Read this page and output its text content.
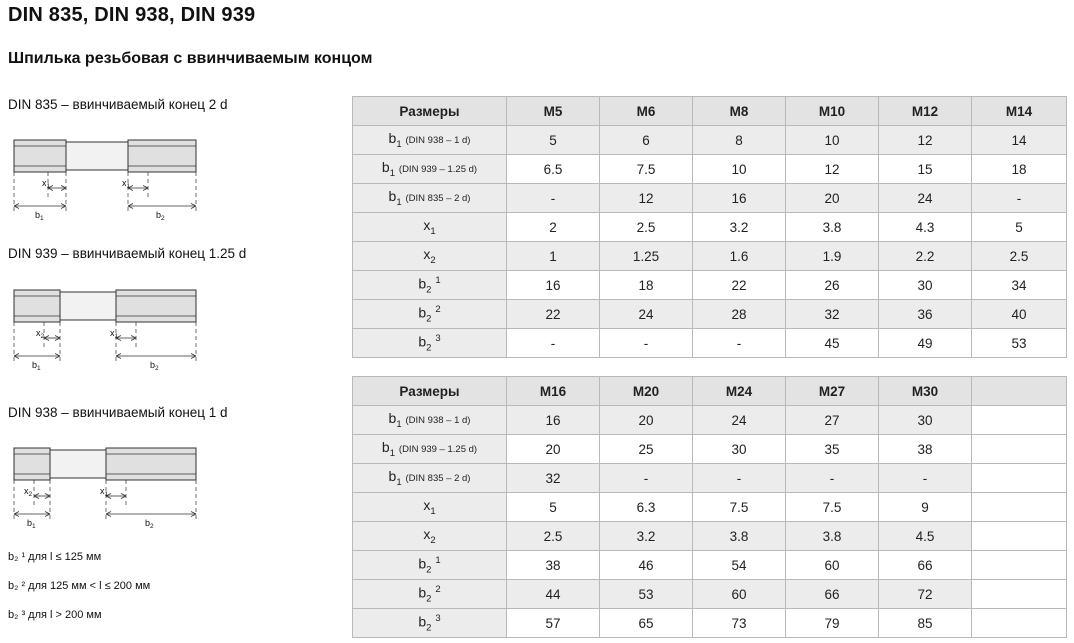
DIN 835, DIN 938, DIN 939
Шпилька резьбовая с ввинчиваемым концом
DIN 835 – ввинчиваемый конец 2 d
$x_1$
$b_1$
$x_1$
$b_2$
DIN 939 – ввинчиваемый конец 1.25 d
$x_2$
$b_1$
$x_1$
$b_2$
DIN 938 – ввинчиваемый конец 1 d
$x_2$
$b_1$
$x_1$
$b_2$
b₂ ¹ для l ≤ 125 мм
b₂ ² для 125 мм < l ≤ 200 мм
b₂ ³ для l > 200 мм
Размеры	M5	M6	M8	M10	M12	M14
$b_1$ (DIN 938 – 1 d)	5	6	8	10	12	14
$b_1$ (DIN 939 – 1.25 d)	6.5	7.5	10	12	15	18
$b_1$ (DIN 835 – 2 d)	-	12	16	20	24	-
$x_1$	2	2.5	3.2	3.8	4.3	5
$x_2$	1	1.25	1.6	1.9	2.2	2.5
$b_2$ $^1$	16	18	22	26	30	34
$b_2$ $^2$	22	24	28	32	36	40
$b_2$ $^3$	-	-	-	45	49	53
Размеры	M16	M20	M24	M27	M30	
$b_1$ (DIN 938 – 1 d)	16	20	24	27	30	
$b_1$ (DIN 939 – 1.25 d)	20	25	30	35	38	
$b_1$ (DIN 835 – 2 d)	32	-	-	-	-	
$x_1$	5	6.3	7.5	7.5	9	
$x_2$	2.5	3.2	3.8	3.8	4.5	
$b_2$ $^1$	38	46	54	60	66	
$b_2$ $^2$	44	53	60	66	72	
$b_2$ $^3$	57	65	73	79	85	
